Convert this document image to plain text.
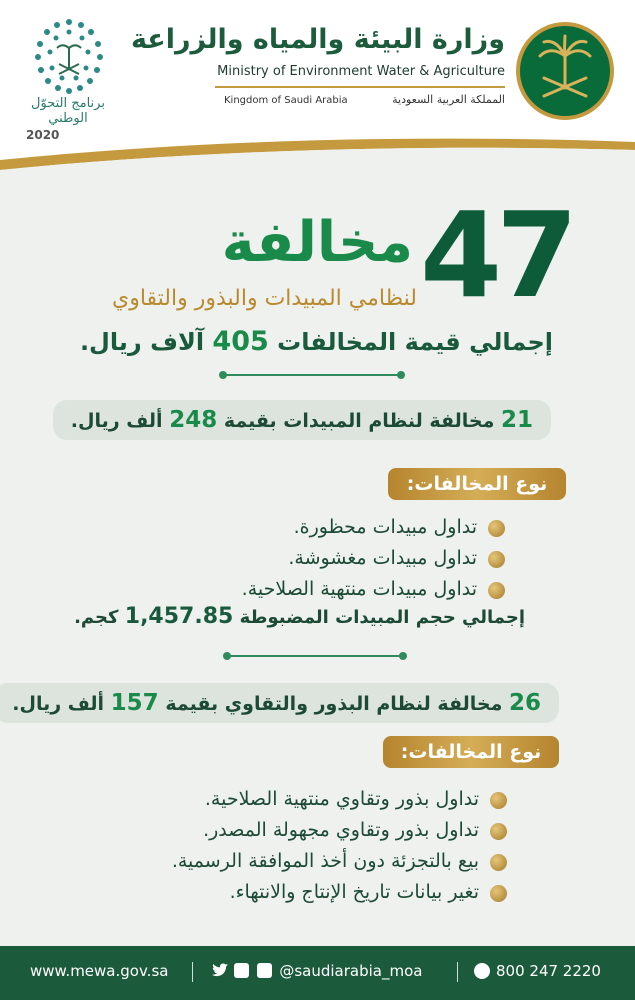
وزارة البيئة والمياه والزراعة
Ministry of Environment Water & Agriculture
Kingdom of Saudi Arabia	المملكة العربية السعودية
برنامج التحوّل الوطني
2020
47
مخالفة
لنظامي المبيدات والبذور والتقاوي
إجمالي قيمة المخالفات 405 آلاف ريال.
21 مخالفة لنظام المبيدات بقيمة 248 ألف ريال.
نوع المخالفات:
تداول مبيدات محظورة.
تداول مبيدات مغشوشة.
تداول مبيدات منتهية الصلاحية.
إجمالي حجم المبيدات المضبوطة 1,457.85 كجم.
26 مخالفة لنظام البذور والتقاوي بقيمة 157 ألف ريال.
نوع المخالفات:
تداول بذور وتقاوي منتهية الصلاحية.
تداول بذور وتقاوي مجهولة المصدر.
بيع بالتجزئة دون أخذ الموافقة الرسمية.
تغير بيانات تاريخ الإنتاج والانتهاء.
www.mewa.gov.sa	@saudiarabia_moa	800 247 2220
